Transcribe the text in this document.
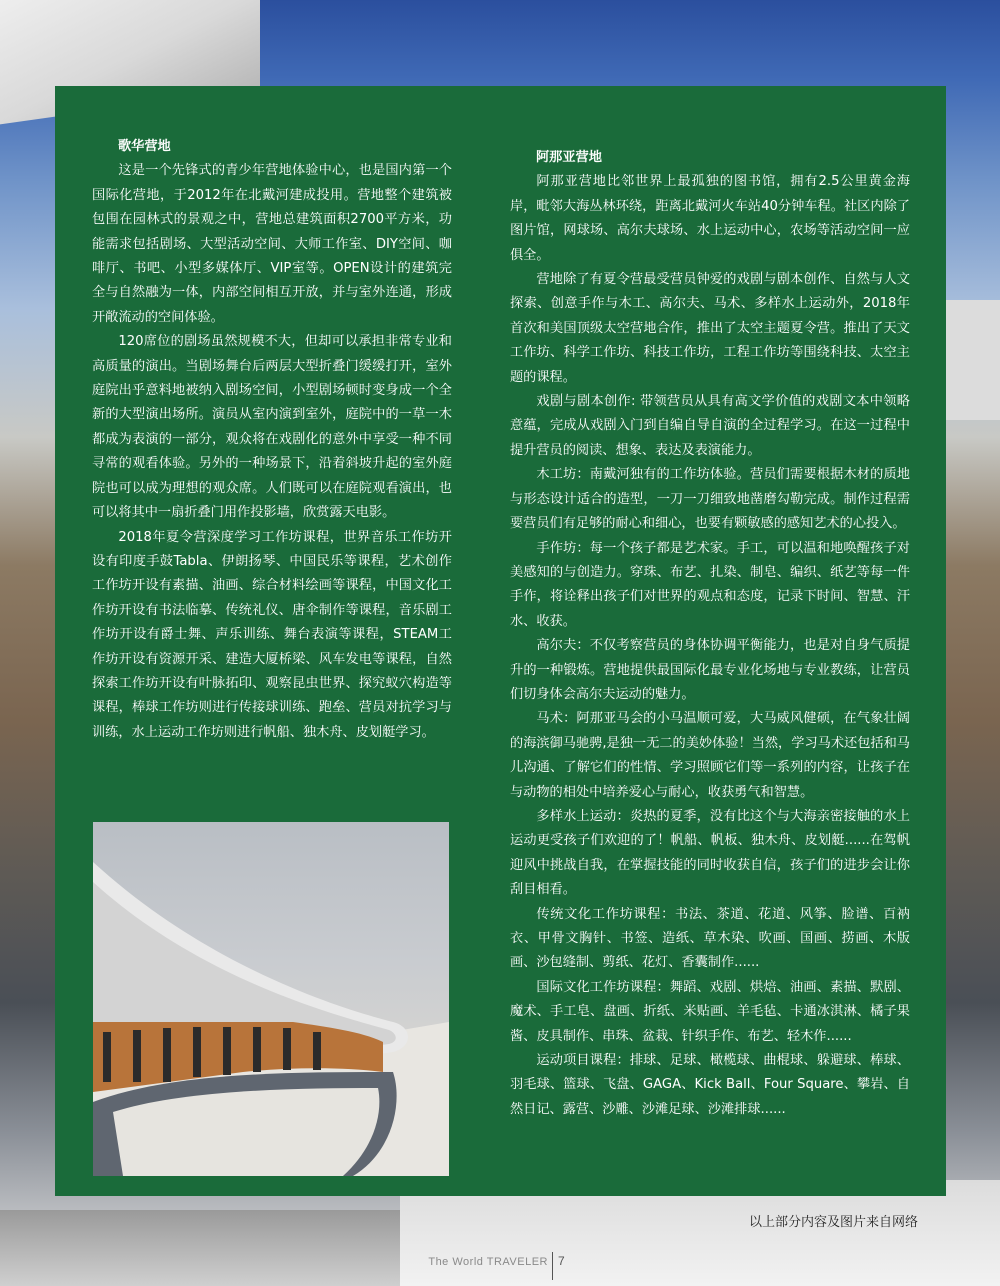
歌华营地

这是一个先锋式的青少年营地体验中心，也是国内第一个国际化营地，于2012年在北戴河建成投用。营地整个建筑被包围在园林式的景观之中，营地总建筑面积2700平方米，功能需求包括剧场、大型活动空间、大师工作室、DIY空间、咖啡厅、书吧、小型多媒体厅、VIP室等。OPEN设计的建筑完全与自然融为一体，内部空间相互开放，并与室外连通，形成开敞流动的空间体验。

120席位的剧场虽然规模不大，但却可以承担非常专业和高质量的演出。当剧场舞台后两层大型折叠门缓缓打开，室外庭院出乎意料地被纳入剧场空间，小型剧场顿时变身成一个全新的大型演出场所。演员从室内演到室外，庭院中的一草一木都成为表演的一部分，观众将在戏剧化的意外中享受一种不同寻常的观看体验。另外的一种场景下，沿着斜坡升起的室外庭院也可以成为理想的观众席。人们既可以在庭院观看演出，也可以将其中一扇折叠门用作投影墙，欣赏露天电影。

2018年夏令营深度学习工作坊课程，世界音乐工作坊开设有印度手鼓Tabla、伊朗扬琴、中国民乐等课程，艺术创作工作坊开设有素描、油画、综合材料绘画等课程，中国文化工作坊开设有书法临摹、传统礼仪、唐伞制作等课程，音乐剧工作坊开设有爵士舞、声乐训练、舞台表演等课程，STEAM工作坊开设有资源开采、建造大厦桥梁、风车发电等课程，自然探索工作坊开设有叶脉拓印、观察昆虫世界、探究蚁穴构造等课程，棒球工作坊则进行传接球训练、跑垒、营员对抗学习与训练，水上运动工作坊则进行帆船、独木舟、皮划艇学习。

阿那亚营地

阿那亚营地比邻世界上最孤独的图书馆，拥有2.5公里黄金海岸，毗邻大海丛林环绕，距离北戴河火车站40分钟车程。社区内除了图片馆，网球场、高尔夫球场、水上运动中心，农场等活动空间一应俱全。

营地除了有夏令营最受营员钟爱的戏剧与剧本创作、自然与人文探索、创意手作与木工、高尔夫、马术、多样水上运动外，2018年首次和美国顶级太空营地合作，推出了太空主题夏令营。推出了天文工作坊、科学工作坊、科技工作坊，工程工作坊等围绕科技、太空主题的课程。

戏剧与剧本创作: 带领营员从具有高文学价值的戏剧文本中领略意蕴，完成从戏剧入门到自编自导自演的全过程学习。在这一过程中提升营员的阅读、想象、表达及表演能力。

木工坊：南戴河独有的工作坊体验。营员们需要根据木材的质地与形态设计适合的造型，一刀一刀细致地凿磨勾勒完成。制作过程需要营员们有足够的耐心和细心，也要有颗敏感的感知艺术的心投入。

手作坊：每一个孩子都是艺术家。手工，可以温和地唤醒孩子对美感知的与创造力。穿珠、布艺、扎染、制皂、编织、纸艺等每一件手作，将诠释出孩子们对世界的观点和态度，记录下时间、智慧、汗水、收获。

高尔夫：不仅考察营员的身体协调平衡能力，也是对自身气质提升的一种锻炼。营地提供最国际化最专业化场地与专业教练，让营员们切身体会高尔夫运动的魅力。

马术：阿那亚马会的小马温顺可爱，大马威风健硕，在气象壮阔的海滨御马驰骋,是独一无二的美妙体验！当然，学习马术还包括和马儿沟通、了解它们的性情、学习照顾它们等一系列的内容，让孩子在与动物的相处中培养爱心与耐心，收获勇气和智慧。

多样水上运动：炎热的夏季，没有比这个与大海亲密接触的水上运动更受孩子们欢迎的了！帆船、帆板、独木舟、皮划艇......在驾帆迎风中挑战自我，在掌握技能的同时收获自信，孩子们的进步会让你刮目相看。

传统文化工作坊课程：书法、茶道、花道、风筝、脸谱、百衲衣、甲骨文胸针、书签、造纸、草木染、吹画、国画、捞画、木版画、沙包缝制、剪纸、花灯、香囊制作......

国际文化工作坊课程：舞蹈、戏剧、烘焙、油画、素描、默剧、魔术、手工皂、盘画、折纸、米贴画、羊毛毡、卡通冰淇淋、橘子果酱、皮具制作、串珠、盆栽、针织手作、布艺、轻木作......

运动项目课程：排球、足球、橄榄球、曲棍球、躲避球、棒球、羽毛球、篮球、飞盘、GAGA、Kick Ball、Four Square、攀岩、自然日记、露营、沙雕、沙滩足球、沙滩排球......

以上部分内容及图片来自网络
The World TRAVELER 7
